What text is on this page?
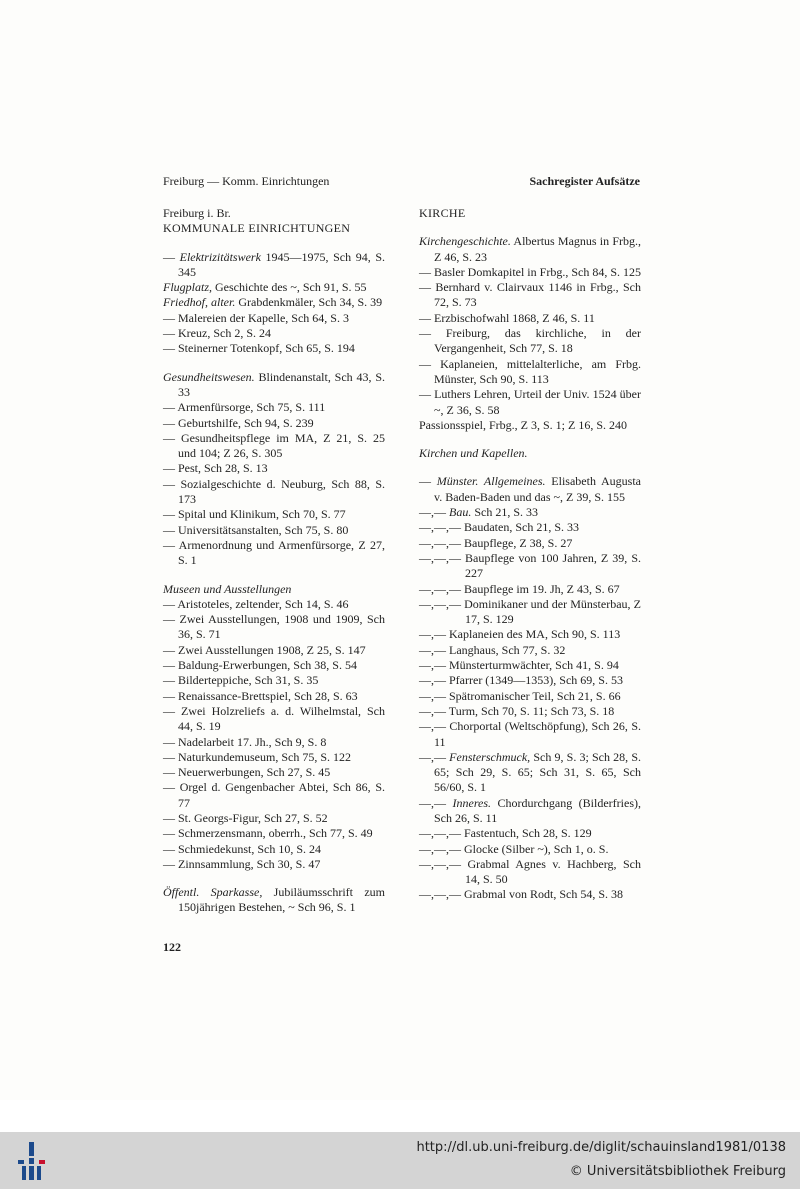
Freiburg — Komm. Einrichtungen	Sachregister Aufsätze
Freiburg i. Br.
KOMMUNALE EINRICHTUNGEN
— Elektrizitätswerk 1945—1975, Sch 94, S. 345
Flugplatz, Geschichte des ~, Sch 91, S. 55
Friedhof, alter. Grabdenkmäler, Sch 34, S. 39
— Malereien der Kapelle, Sch 64, S. 3
— Kreuz, Sch 2, S. 24
— Steinerner Totenkopf, Sch 65, S. 194
Gesundheitswesen. Blindenanstalt, Sch 43, S. 33
— Armenfürsorge, Sch 75, S. 111
— Geburtshilfe, Sch 94, S. 239
— Gesundheitspflege im MA, Z 21, S. 25 und 104; Z 26, S. 305
— Pest, Sch 28, S. 13
— Sozialgeschichte d. Neuburg, Sch 88, S. 173
— Spital und Klinikum, Sch 70, S. 77
— Universitätsanstalten, Sch 75, S. 80
— Armenordnung und Armenfürsorge, Z 27, S. 1
Museen und Ausstellungen
— Aristoteles, zeltender, Sch 14, S. 46
— Zwei Ausstellungen, 1908 und 1909, Sch 36, S. 71
— Zwei Ausstellungen 1908, Z 25, S. 147
— Baldung-Erwerbungen, Sch 38, S. 54
— Bilderteppiche, Sch 31, S. 35
— Renaissance-Brettspiel, Sch 28, S. 63
— Zwei Holzreliefs a. d. Wilhelmstal, Sch 44, S. 19
— Nadelarbeit 17. Jh., Sch 9, S. 8
— Naturkundemuseum, Sch 75, S. 122
— Neuerwerbungen, Sch 27, S. 45
— Orgel d. Gengenbacher Abtei, Sch 86, S. 77
— St. Georgs-Figur, Sch 27, S. 52
— Schmerzensmann, oberrh., Sch 77, S. 49
— Schmiedekunst, Sch 10, S. 24
— Zinnsammlung, Sch 30, S. 47
Öffentl. Sparkasse, Jubiläumsschrift zum 150jährigen Bestehen, ~ Sch 96, S. 1
KIRCHE
Kirchengeschichte. Albertus Magnus in Frbg., Z 46, S. 23
— Basler Domkapitel in Frbg., Sch 84, S. 125
— Bernhard v. Clairvaux 1146 in Frbg., Sch 72, S. 73
— Erzbischofwahl 1868, Z 46, S. 11
— Freiburg, das kirchliche, in der Vergangenheit, Sch 77, S. 18
— Kaplaneien, mittelalterliche, am Frbg. Münster, Sch 90, S. 113
— Luthers Lehren, Urteil der Univ. 1524 über ~, Z 36, S. 58
Passionsspiel, Frbg., Z 3, S. 1; Z 16, S. 240
Kirchen und Kapellen.
— Münster. Allgemeines. Elisabeth Augusta v. Baden-Baden und das ~, Z 39, S. 155
—,— Bau. Sch 21, S. 33
—,—,— Baudaten, Sch 21, S. 33
—,—,— Baupflege, Z 38, S. 27
—,—,— Baupflege von 100 Jahren, Z 39, S. 227
—,—,— Baupflege im 19. Jh, Z 43, S. 67
—,—,— Dominikaner und der Münsterbau, Z 17, S. 129
—,— Kaplaneien des MA, Sch 90, S. 113
—,— Langhaus, Sch 77, S. 32
—,— Münsterturmwächter, Sch 41, S. 94
—,— Pfarrer (1349—1353), Sch 69, S. 53
—,— Spätromanischer Teil, Sch 21, S. 66
—,— Turm, Sch 70, S. 11; Sch 73, S. 18
—,— Chorportal (Weltschöpfung), Sch 26, S. 11
—,— Fensterschmuck, Sch 9, S. 3; Sch 28, S. 65; Sch 29, S. 65; Sch 31, S. 65, Sch 56/60, S. 1
—,— Inneres. Chordurchgang (Bilderfries), Sch 26, S. 11
—,—,— Fastentuch, Sch 28, S. 129
—,—,— Glocke (Silber ~), Sch 1, o. S.
—,—,— Grabmal Agnes v. Hachberg, Sch 14, S. 50
—,—,— Grabmal von Rodt, Sch 54, S. 38
122
http://dl.ub.uni-freiburg.de/diglit/schauinsland1981/0138
© Universitätsbibliothek Freiburg
